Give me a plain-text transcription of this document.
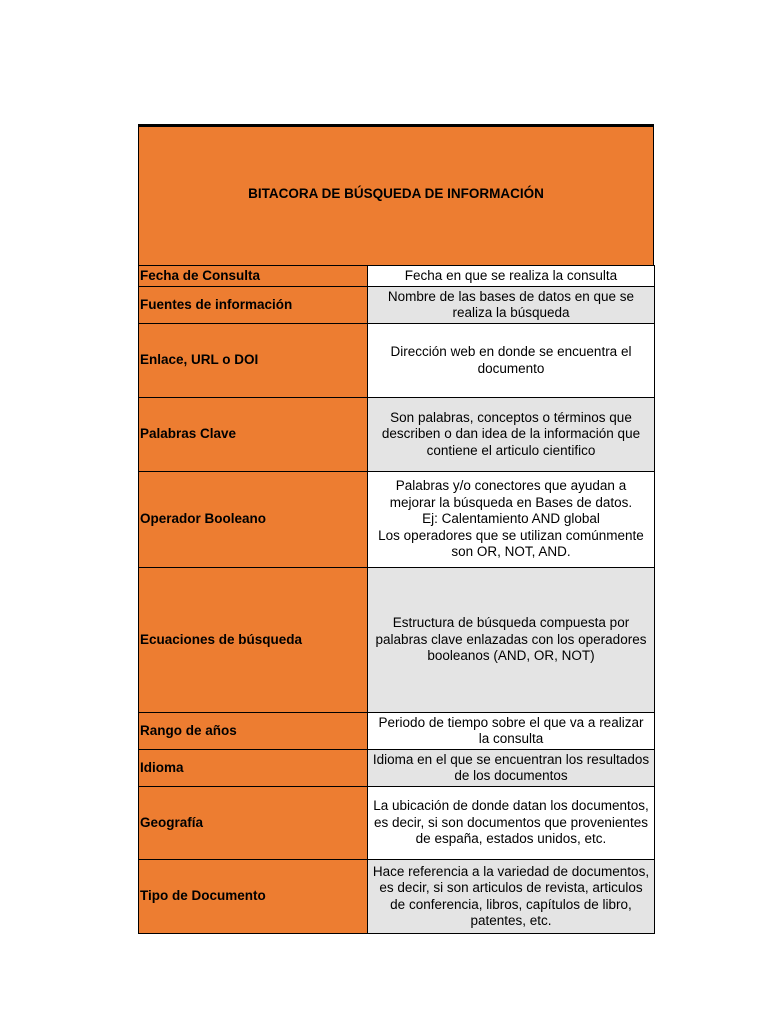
BITACORA DE BÚSQUEDA DE INFORMACIÓN
Fecha de Consulta	Fecha en que se realiza la consulta
Fuentes de información	Nombre de las bases de datos en que se
realiza la búsqueda
Enlace, URL o DOI	Dirección web en donde se encuentra el
documento
Palabras Clave	Son palabras, conceptos o términos que
describen o dan idea de la información que
contiene el articulo cientifico
Operador Booleano	Palabras y/o conectores que ayudan a
mejorar la búsqueda en Bases de datos.
Ej: Calentamiento AND global
Los operadores que se utilizan comúnmente
son OR, NOT, AND.
Ecuaciones de búsqueda	Estructura de búsqueda compuesta por
palabras clave enlazadas con los operadores
booleanos (AND, OR, NOT)
Rango de años	Periodo de tiempo sobre el que va a realizar
la consulta
Idioma	Idioma en el que se encuentran los resultados
de los documentos
Geografía	La ubicación de donde datan los documentos,
es decir, si son documentos que provenientes
de españa, estados unidos, etc.
Tipo de Documento	Hace referencia a la variedad de documentos,
es decir, si son articulos de revista, articulos
de conferencia, libros, capítulos de libro,
patentes, etc.
